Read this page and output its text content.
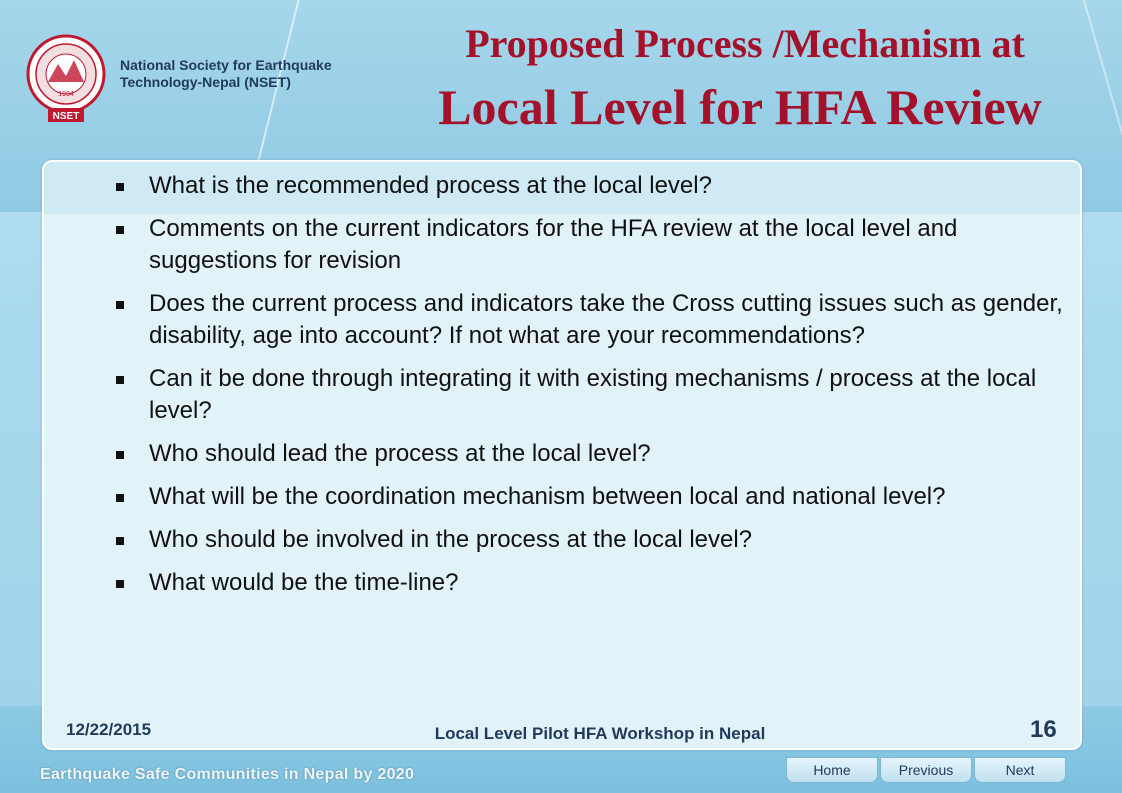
1994
NSET
National Society for Earthquake
Technology-Nepal (NSET)
Proposed Process /Mechanism at
Local Level for HFA Review
What is the recommended process at the local level?
Comments on the current indicators for the HFA review at the local level and suggestions for revision
Does the current process and indicators take the Cross cutting issues such as gender, disability, age into account? If not what are your recommendations?
Can it be done through integrating it with existing mechanisms / process at the local level?
Who should lead the process at the local level?
What will be the coordination mechanism between local and national level?
Who should be involved in the process at the local level?
What would be the time-line?
12/22/2015	Local Level Pilot HFA Workshop in Nepal	16
Earthquake Safe Communities in Nepal by 2020	Home	Previous	Next
